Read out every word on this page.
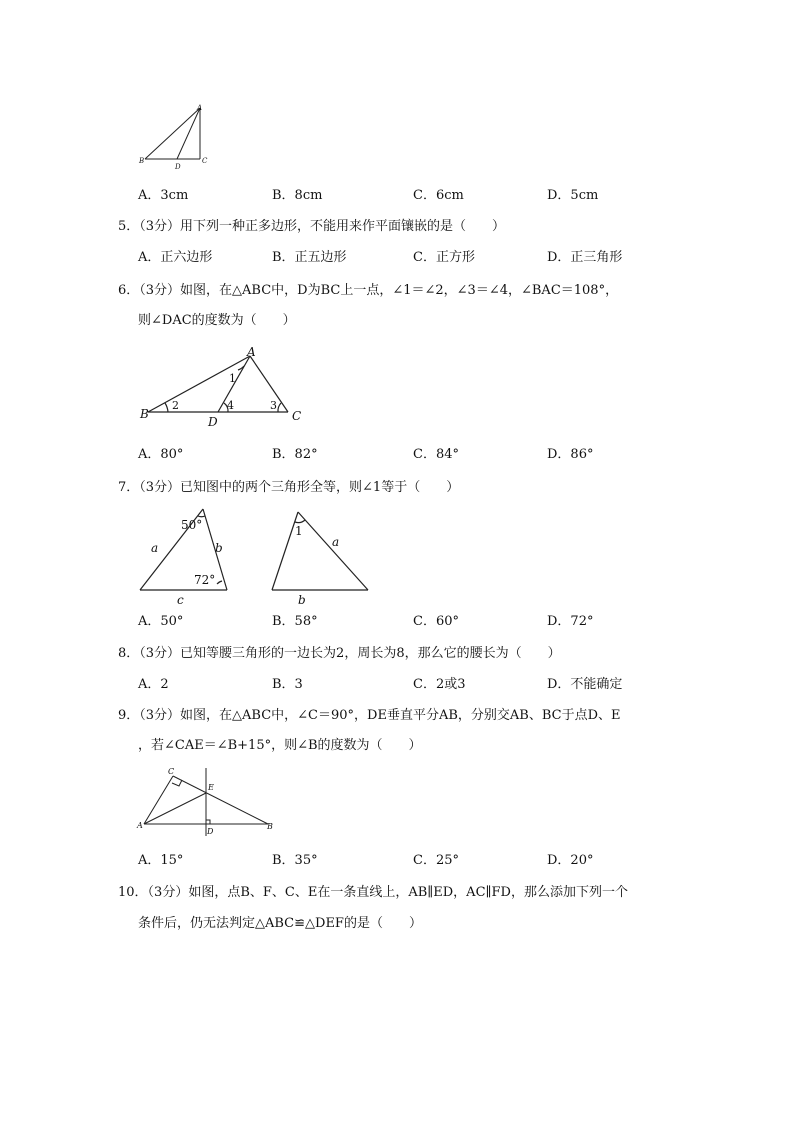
A
B
D
C
A．3cm	B．8cm	C．6cm	D．5cm
5．（3分）用下列一种正多边形，不能用来作平面镶嵌的是（　　）
A．正六边形	B．正五边形	C．正方形	D．正三角形
6．（3分）如图，在△ABC中，D为BC上一点，∠1＝∠2，∠3＝∠4，∠BAC＝108°，
则∠DAC的度数为（　　）
A
B
D	C
1
2	4	3
A．80°	B．82°	C．84°	D．86°
7．（3分）已知图中的两个三角形全等，则∠1等于（　　）
50°
72°
a	b
c
1
a
b
A．50°	B．58°	C．60°	D．72°
8．（3分）已知等腰三角形的一边长为2，周长为8，那么它的腰长为（　　）
A．2	B．3	C．2或3	D．不能确定
9．（3分）如图，在△ABC中，∠C＝90°，DE垂直平分AB，分别交AB、BC于点D、E
，若∠CAE＝∠B+15°，则∠B的度数为（　　）
C
E
A
D
B
A．15°	B．35°	C．25°	D．20°
10．（3分）如图，点B、F、C、E在一条直线上，AB∥ED，AC∥FD，那么添加下列一个
条件后，仍无法判定△ABC≌△DEF的是（　　）
